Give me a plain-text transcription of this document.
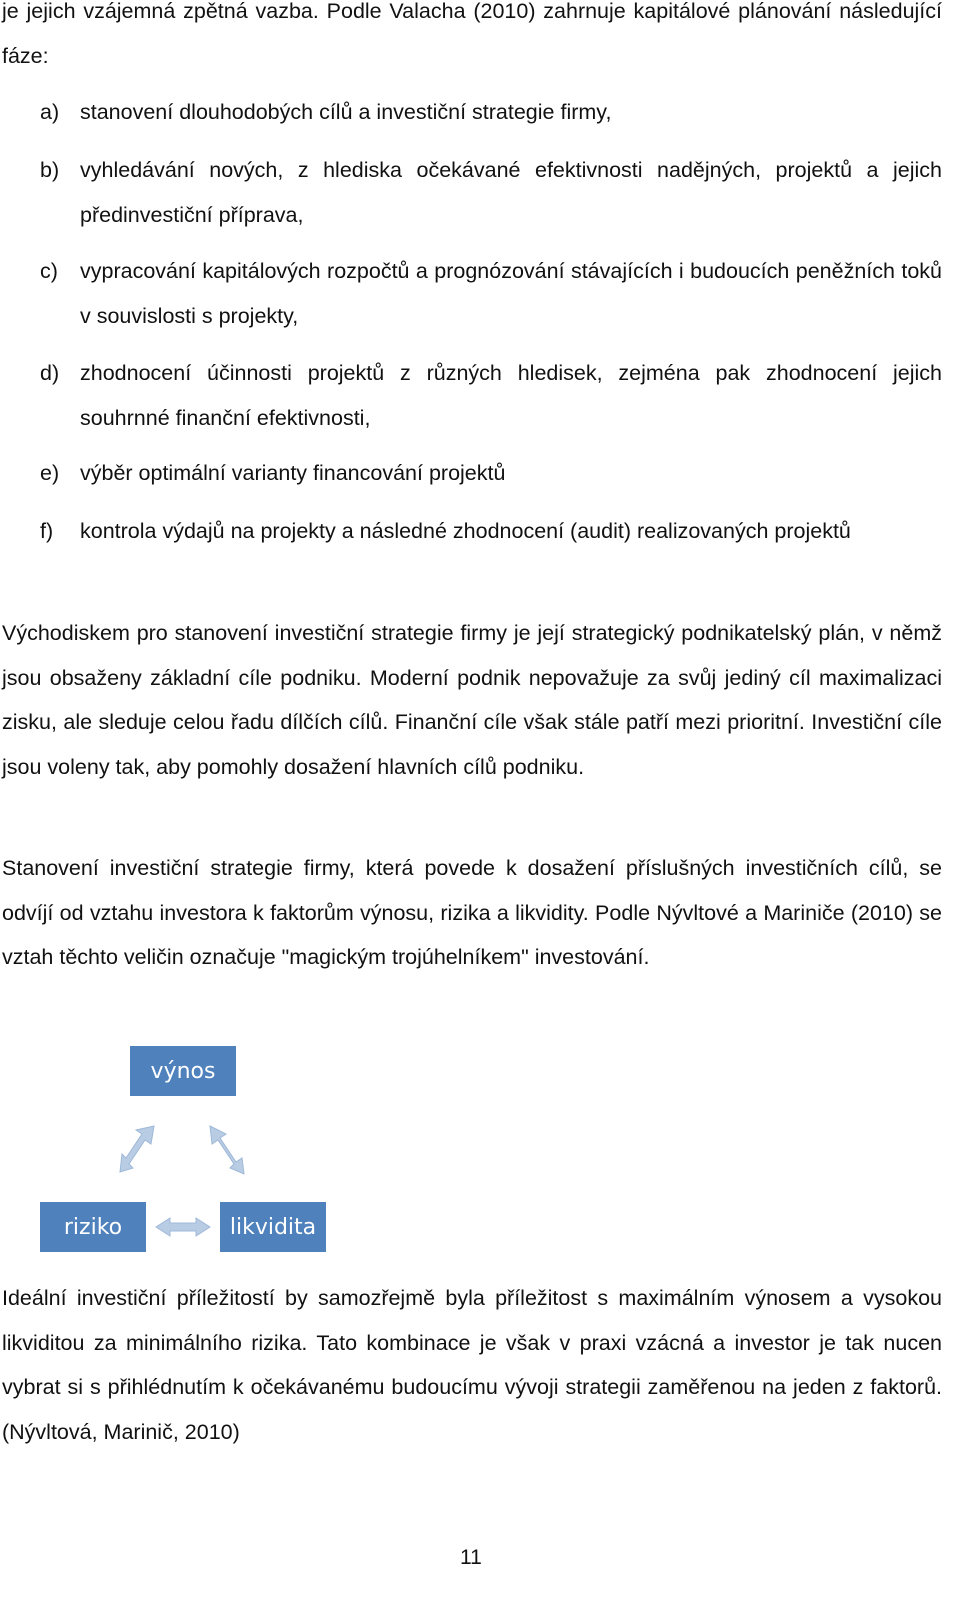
je jejich vzájemná zpětná vazba. Podle Valacha (2010) zahrnuje kapitálové plánování následující fáze:

a) stanovení dlouhodobých cílů a investiční strategie firmy,
b) vyhledávání nových, z hlediska očekávané efektivnosti nadějných, projektů a jejich předinvestiční příprava,
c)	vypracování kapitálových rozpočtů a prognózování stávajících i budoucích peněžních toků v souvislosti s projekty,
d) zhodnocení účinnosti projektů z různých hledisek, zejména pak zhodnocení jejich souhrnné finanční efektivnosti,
e) výběr optimální varianty financování projektů
f)	kontrola výdajů na projekty a následné zhodnocení (audit) realizovaných projektů

Východiskem pro stanovení investiční strategie firmy je její strategický podnikatelský plán, v němž jsou obsaženy základní cíle podniku. Moderní podnik nepovažuje za svůj jediný cíl maximalizaci zisku, ale sleduje celou řadu dílčích cílů. Finanční cíle však stále patří mezi prioritní. Investiční cíle jsou voleny tak, aby pomohly dosažení hlavních cílů podniku.

Stanovení investiční strategie firmy, která povede k dosažení příslušných investičních cílů, se odvíjí od vztahu investora k faktorům výnosu, rizika a likvidity. Podle Nývltové a Mariniče (2010) se vztah těchto veličin označuje "magickým trojúhelníkem" investování.

výnos
riziko	likvidita

Ideální investiční příležitostí by samozřejmě byla příležitost s maximálním výnosem a vysokou likviditou za minimálního rizika. Tato kombinace je však v praxi vzácná a investor je tak nucen vybrat si s přihlédnutím k očekávanému budoucímu vývoji strategii zaměřenou na jeden z faktorů. (Nývltová, Marinič, 2010)

11
